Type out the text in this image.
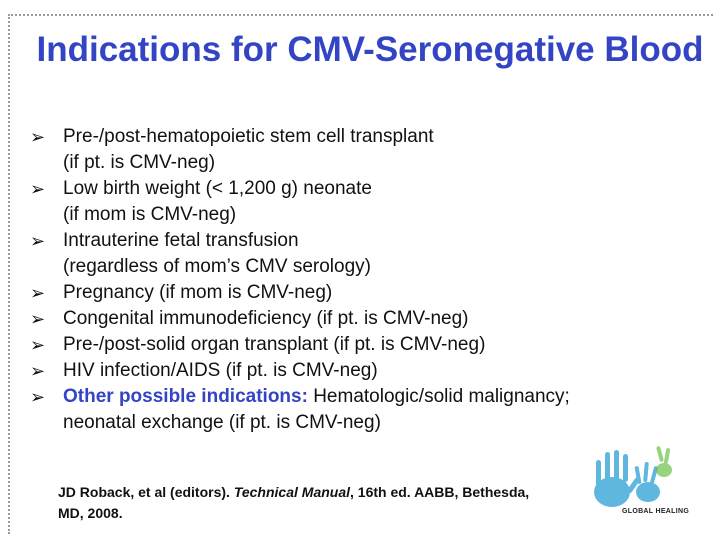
Indications for CMV-Seronegative Blood
➢ Pre-/post-hematopoietic stem cell transplant
(if pt. is CMV-neg)
➢ Low birth weight (< 1,200 g) neonate
(if mom is CMV-neg)
➢ Intrauterine fetal transfusion
(regardless of mom’s CMV serology)
➢ Pregnancy (if mom is CMV-neg)
➢ Congenital immunodeficiency (if pt. is CMV-neg)
➢ Pre-/post-solid organ transplant (if pt. is CMV-neg)
➢ HIV infection/AIDS (if pt. is CMV-neg)
➢ Other possible indications: Hematologic/solid malignancy;
neonatal exchange (if pt. is CMV-neg)
GLOBAL HEALING
JD Roback, et al (editors). Technical Manual, 16th ed. AABB, Bethesda,
MD, 2008.
